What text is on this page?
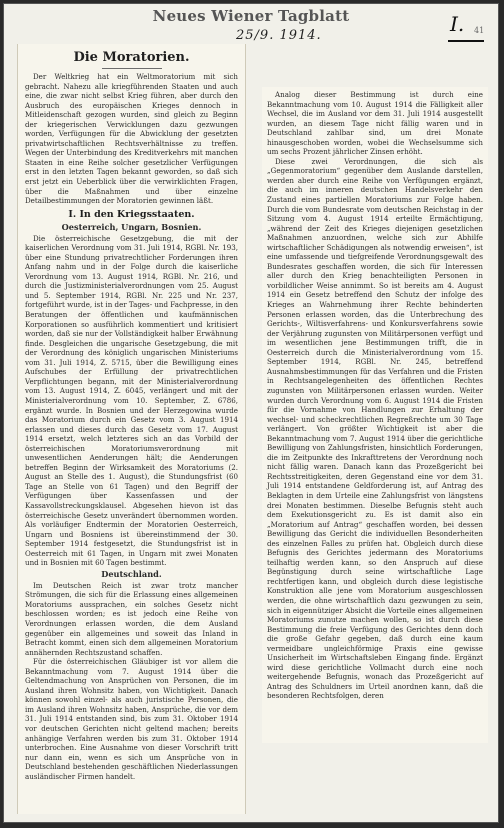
Neues Wiener Tagblatt
25/9. 1914.	I. 41
Die Moratorien.

Der Weltkrieg hat ein Weltmoratorium mit sich gebracht. Nahezu alle kriegführenden Staaten und auch eine, die zwar nicht selbst Krieg führen, aber durch den Ausbruch des europäischen Krieges dennoch in Mitleidenschaft gezogen wurden, sind gleich zu Beginn der kriegerischen Verwicklungen dazu gezwungen worden, Verfügungen für die Abwicklung der gesetzten privatwirtschaftlichen Rechtsverhältnisse zu treffen. Wegen der Unterbindung des Kreditverkehrs mit manchen Staaten in eine Reihe solcher gesetzlicher Verfügungen erst in den letzten Tagen bekannt geworden, so daß sich erst jetzt ein Ueberblick über die verwirklichten Fragen, über die Maßnahmen und über einzelne Detailbestimmungen der Moratorien gewinnen läßt.

I. In den Kriegsstaaten.
Oesterreich, Ungarn, Bosnien.

Die österreichische Gesetzgebung, die mit der kaiserlichen Verordnung vom 31. Juli 1914, RGBl. Nr. 193, über eine Stundung privatrechtlicher Forderungen ihren Anfang nahm und in der Folge durch die kaiserliche Verordnung vom 13. August 1914, RGBl. Nr. 216, und durch die Justizministerialverordnungen vom 25. August und 5. September 1914, RGBl. Nr. 225 und Nr. 237, fortgeführt wurde, ist in der Tages- und Fachpresse, in den Beratungen der öffentlichen und kaufmännischen Korporationen so ausführlich kommentiert und kritisiert worden, daß sie nur der Vollständigkeit halber Erwähnung finde. Desgleichen die ungarische Gesetzgebung, die mit der Verordnung des königlich ungarischen Ministeriums vom 31. Juli 1914, Z. 5715, über die Bewilligung eines Aufschubes der Erfüllung der privatrechtlichen Verpflichtungen begann, mit der Ministerialverordnung vom 13. August 1914, Z. 6045, verlängert und mit der Ministerialverordnung vom 10. September, Z. 6786, ergänzt wurde. In Bosnien und der Herzegowina wurde das Moratorium durch ein Gesetz vom 3. August 1914 erlassen und dieses durch das Gesetz vom 17. August 1914 ersetzt, welch letzteres sich an das Vorbild der österreichischen Moratoriumsverordnung mit unwesentlichen Aenderungen hält; die Aenderungen betreffen Beginn der Wirksamkeit des Moratoriums (2. August an Stelle des 1. August), die Stundungsfrist (60 Tage an Stelle von 61 Tagen) und den Begriff der Verfügungen über Kassenfassen und der Kassavollstreckungsklausel. Abgesehen hievon ist das österreichische Gesetz unverändert übernommen worden. Als vorläufiger Endtermin der Moratorien Oesterreich, Ungarn und Bosniens ist übereinstimmend der 30. September 1914 festgesetzt, die Stundungsfrist ist in Oesterreich mit 61 Tagen, in Ungarn mit zwei Monaten und in Bosnien mit 60 Tagen bestimmt.

Deutschland.

Im Deutschen Reich ist zwar trotz mancher Strömungen, die sich für die Erlassung eines allgemeinen Moratoriums aussprachen, ein solches Gesetz nicht beschlossen worden; es ist jedoch eine Reihe von Verordnungen erlassen worden, die dem Ausland gegenüber ein allgemeines und soweit das Inland in Betracht kommt, einen sich dem allgemeinen Moratorium annähernden Rechtszustand schaffen.

Für die österreichischen Gläubiger ist vor allem die Bekanntmachung vom 7. August 1914 über die Geltendmachung von Ansprüchen von Personen, die im Ausland ihren Wohnsitz haben, von Wichtigkeit. Danach können sowohl einzel- als auch juristische Personen, die im Ausland ihren Wohnsitz haben, Ansprüche, die vor dem 31. Juli 1914 entstanden sind, bis zum 31. Oktober 1914 vor deutschen Gerichten nicht geltend machen; bereits anhängige Verfahren werden bis zum 31. Oktober 1914 unterbrochen. Eine Ausnahme von dieser Vorschrift tritt nur dann ein, wenn es sich um Ansprüche von in Deutschland bestehenden geschäftlichen Niederlassungen ausländischer Firmen handelt.

Analog dieser Bestimmung ist durch eine Bekanntmachung vom 10. August 1914 die Fälligkeit aller Wechsel, die im Ausland vor dem 31. Juli 1914 ausgestellt wurden, an diesem Tage nicht fällig waren und in Deutschland zahlbar sind, um drei Monate hinausgeschoben worden, wobei die Wechselsumme sich um sechs Prozent jährlicher Zinsen erhöht.

Diese zwei Verordnungen, die sich als „Gegenmoratorium“ gegenüber dem Auslande darstellen, werden aber durch eine Reihe von Verfügungen ergänzt, die auch im inneren deutschen Handelsverkehr den Zustand eines partiellen Moratoriums zur Folge haben. Durch die vom Bundesrate vom deutschen Reichstag in der Sitzung vom 4. August 1914 erteilte Ermächtigung, „während der Zeit des Krieges diejenigen gesetzlichen Maßnahmen anzuordnen, welche sich zur Abhilfe wirtschaftlicher Schädigungen als notwendig erweisen“, ist eine umfassende und tiefgreifende Verordnungsgewalt des Bundesrates geschaffen worden, die sich für Interessen aller durch den Krieg benachteiligten Personen in vorbildlicher Weise annimmt. So ist bereits am 4. August 1914 ein Gesetz betreffend den Schutz der infolge des Krieges an Wahrnehmung ihrer Rechte behinderten Personen erlassen worden, das die Unterbrechung des Gerichts-, Wiltisverfahrens- und Konkursverfahrens sowie der Verjährung zugunsten von Militärpersonen verfügt und im wesentlichen jene Bestimmungen trifft, die in Oesterreich durch die Ministerialverordnung vom 15. September 1914, RGBl. Nr. 245, betreffend Ausnahmsbestimmungen für das Verfahren und die Fristen in Rechtsangelegenheiten des öffentlichen Rechtes zugunsten von Militärpersonen erlassen wurden. Weiter wurden durch Verordnung vom 6. August 1914 die Fristen für die Vornahme von Handlungen zur Erhaltung der wechsel- und scheckrechtlichen Regreßrechte um 30 Tage verlängert. Von größter Wichtigkeit ist aber die Bekanntmachung vom 7. August 1914 über die gerichtliche Bewilligung von Zahlungsfristen, hinsichtlich Forderungen, die im Zeitpunkte des Inkrafttretens der Verordnung noch nicht fällig waren. Danach kann das Prozeßgericht bei Rechtsstreitigkeiten, deren Gegenstand eine vor dem 31. Juli 1914 entstandene Geldforderung ist, auf Antrag des Beklagten in dem Urteile eine Zahlungsfrist von längstens drei Monaten bestimmen. Dieselbe Befugnis steht auch dem Exekutionsgericht zu. Es ist damit also ein „Moratorium auf Antrag“ geschaffen worden, bei dessen Bewilligung das Gericht die individuellen Besonderheiten des einzelnen Falles zu prüfen hat. Obgleich durch diese Befugnis des Gerichtes jedermann des Moratoriums teilhaftig werden kann, so den Anspruch auf diese Begünstigung durch seine wirtschaftliche Lage rechtfertigen kann, und obgleich durch diese legistische Konstruktion alle jene vom Moratorium ausgeschlossen werden, die ohne wirtschaftlich dazu gezwungen zu sein, sich in eigennütziger Absicht die Vorteile eines allgemeinen Moratoriums zunutze machen wollen, so ist durch diese Bestimmung die freie Verfügung des Gerichtes denn doch die große Gefahr gegeben, daß durch eine kaum vermeidbare ungleichförmige Praxis eine gewisse Unsicherheit im Wirtschaftsleben Eingang finde. Ergänzt wird diese gerichtliche Vollmacht durch eine noch weitergehende Befugnis, wonach das Prozeßgericht auf Antrag des Schuldners im Urteil anordnen kann, daß die besonderen Rechtsfolgen, deren
